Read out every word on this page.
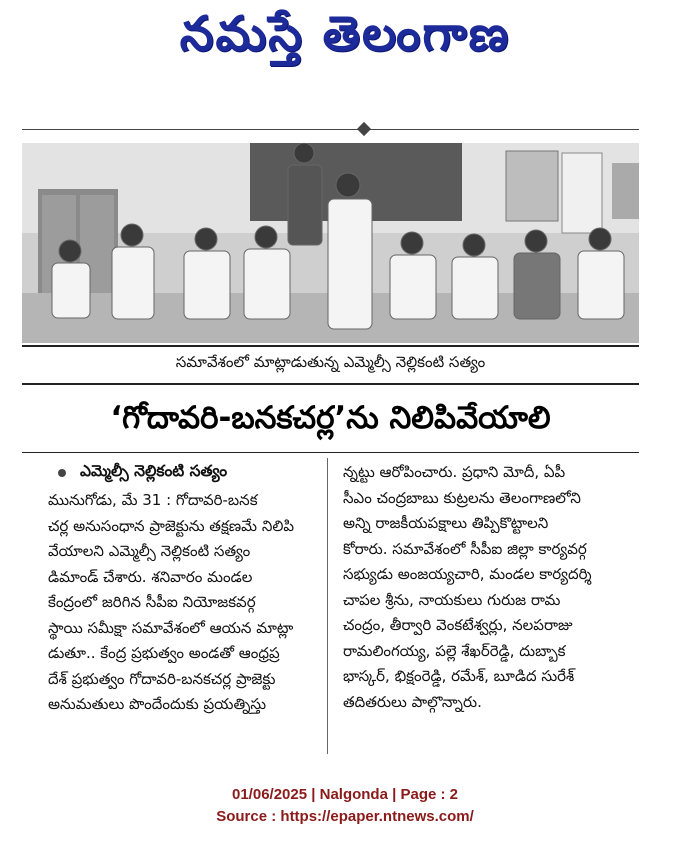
నమస్తే తెలంగాణ
సమావేశంలో మాట్లాడుతున్న ఎమ్మెల్సీ నెల్లికంటి సత్యం
‘గోదావరి-బనకచర్ల’ను నిలిపివేయాలి
ఎమ్మెల్సీ నెల్లికంటి సత్యం
మునుగోడు, మే 31 : గోదావరి-బనక
చర్ల అనుసంధాన ప్రాజెక్టును తక్షణమే నిలిపి
వేయాలని ఎమ్మెల్సీ నెల్లికంటి సత్యం
డిమాండ్ చేశారు. శనివారం మండల
కేంద్రంలో జరిగిన సీపీఐ నియోజకవర్గ
స్థాయి సమీక్షా సమావేశంలో ఆయన మాట్లా
డుతూ.. కేంద్ర ప్రభుత్వం అండతో ఆంధ్రప్ర
దేశ్ ప్రభుత్వం గోదావరి-బనకచర్ల ప్రాజెక్టు
అనుమతులు పొందేందుకు ప్రయత్నిస్తు
న్నట్టు ఆరోపించారు. ప్రధాని మోదీ, ఏపీ
సీఎం చంద్రబాబు కుట్రలను తెలంగాణలోని
అన్ని రాజకీయపక్షాలు తిప్పికొట్టాలని
కోరారు. సమావేశంలో సీపీఐ జిల్లా కార్యవర్గ
సభ్యుడు అంజయ్యచారి, మండల కార్యదర్శి
చాపల శ్రీను, నాయకులు గురుజ రామ
చంద్రం, తీర్వారి వెంకటేశ్వర్లు, నలపరాజు
రామలింగయ్య, పల్లె శేఖర్‌రెడ్డి, దుబ్బాక
భాస్కర్, భిక్షంరెడ్డి, రమేశ్, బూడిద సురేశ్
తదితరులు పాల్గొన్నారు.
01/06/2025 | Nalgonda | Page : 2
Source : https://epaper.ntnews.com/
